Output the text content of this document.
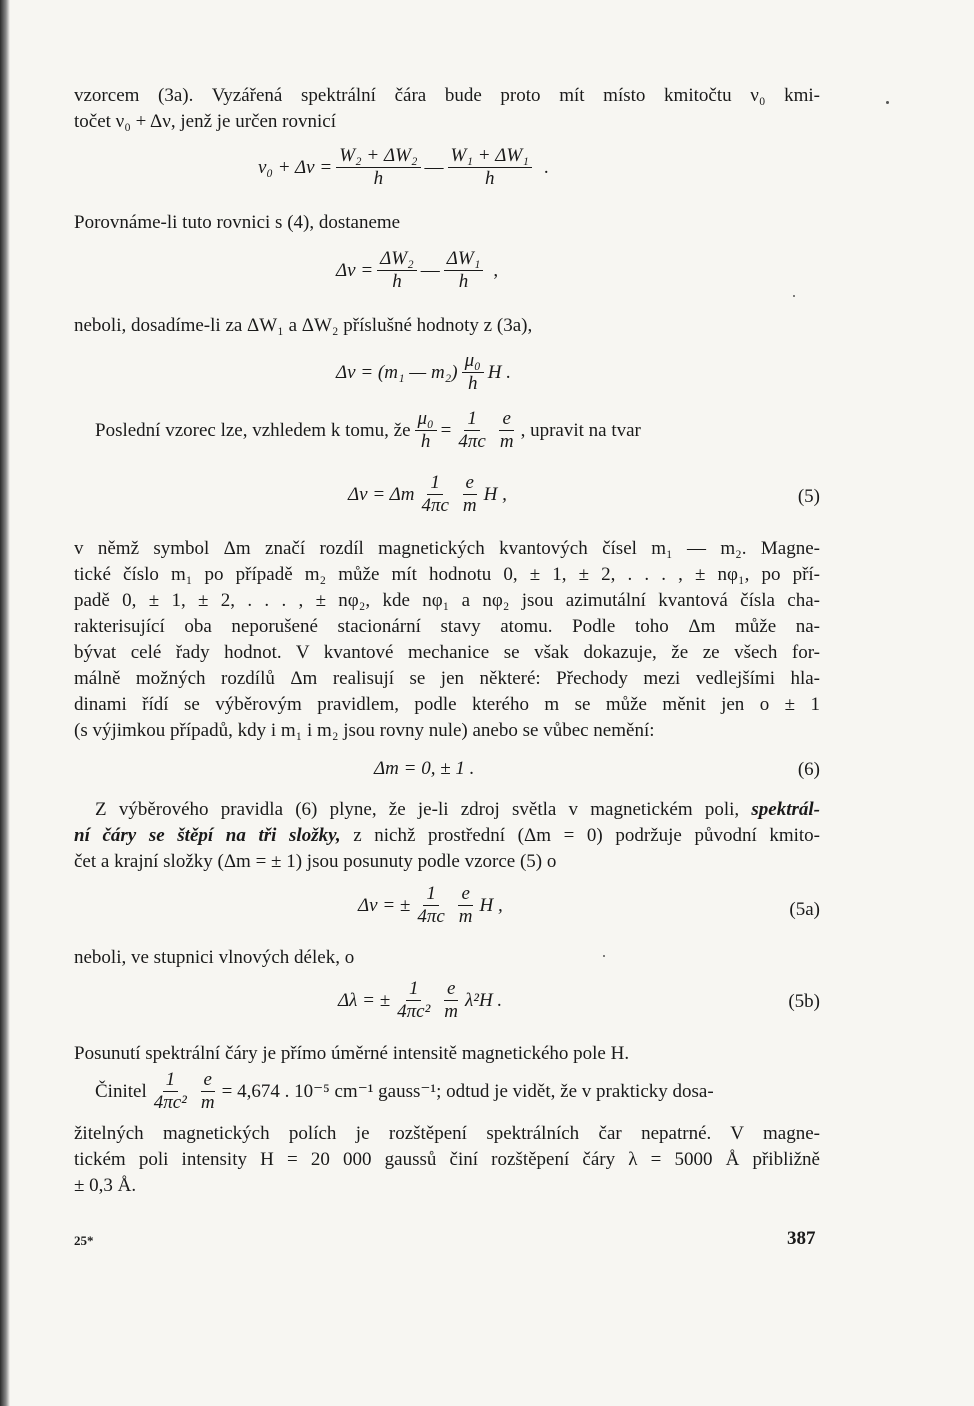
vzorcem (3a). Vyzářená spektrální čára bude proto mít místo kmitočtu ν₀ kmi-
točet ν₀ + Δν, jenž je určen rovnicí
$\nu_0 + \Delta\nu = \frac{\text{W₂ + ΔW₂}}{h}$ — $\frac{\text{W₁ + ΔW₁}}{h}$ .
Porovnáme-li tuto rovnici s (4), dostaneme
$\Delta\nu = \frac{\text{ΔW₂}}{h}$ — $\frac{\text{ΔW₁}}{h}$ ,
neboli, dosadíme-li za ΔW₁ a ΔW₂ příslušné hodnoty z (3a),
Δν = (m₁ — $m_2) \frac{\text{μ₀}}{h}$ H .
Poslední vzorec lze, vzhledem k tomu, že $\frac{\text{μ₀}}{h} = \frac{1}{4\pi c} \frac{e}{m}$ , upravit na tvar
Δν = Δm $\frac{1}{4\pi c} \frac{e}{m}$ H ,	(5)
v němž symbol Δm značí rozdíl magnetických kvantových čísel m₁ — m₂. Magne-
tické číslo m₁ po případě m₂ může mít hodnotu 0, ± 1, ± 2, . . . , ± nφ₁, po pří-
padě 0, ± 1, ± 2, . . . , ± nφ₂, kde nφ₁ a nφ₂ jsou azimutální kvantová čísla cha-
rakterisující oba neporušené stacionární stavy atomu. Podle toho Δm může na-
bývat celé řady hodnot. V kvantové mechanice se však dokazuje, že ze všech for-
málně možných rozdílů Δm realisují se jen některé: Přechody mezi vedlejšími hla-
dinami řídí se výběrovým pravidlem, podle kterého m se může měnit jen o ± 1
(s výjimkou případů, kdy i m₁ i m₂ jsou rovny nule) anebo se vůbec nemění:
Δm = 0, ± 1 .	(6)
Z výběrového pravidla (6) plyne, že je-li zdroj světla v magnetickém poli, spektrál-
ní čáry se štěpí na tři složky, z nichž prostřední (Δm = 0) podržuje původní kmito-
čet a krajní složky (Δm = ± 1) jsou posunuty podle vzorce (5) o
Δν = ± $\frac{1}{4\pi c} \frac{e}{m}$ H ,	(5a)
neboli, ve stupnici vlnových délek, o
Δλ = ± $\frac{1}{\text{4πc²}} \frac{e}{m} \lambda^2H$ .	(5b)
Posunutí spektrální čáry je přímo úměrné intensitě magnetického pole H.
Činitel $\frac{1}{\text{4πc²}} \frac{e}{m} = 4,674$ . 10⁻⁵ cm⁻¹ gauss⁻¹; odtud je vidět, že v prakticky dosa-
žitelných magnetických polích je rozštěpení spektrálních čar nepatrné. V magne-
tickém poli intensity H = 20 000 gaussů činí rozštěpení čáry λ = 5000 Å přibližně
± 0,3 Å.
25*	387
